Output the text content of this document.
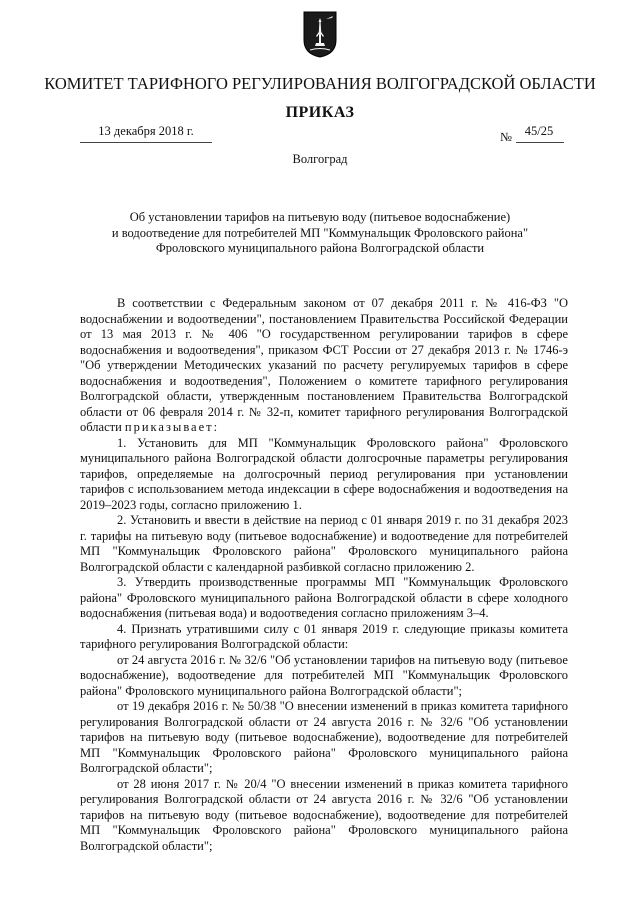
КОМИТЕТ ТАРИФНОГО РЕГУЛИРОВАНИЯ ВОЛГОГРАДСКОЙ ОБЛАСТИ
ПРИКАЗ
13 декабря 2018 г.	№	45/25
Волгоград
Об установлении тарифов на питьевую воду (питьевое водоснабжение)
и водоотведение для потребителей МП "Коммунальщик Фроловского района"
Фроловского муниципального района Волгоградской области

В соответствии с Федеральным законом от 07 декабря 2011 г. № 416-ФЗ "О водоснабжении и водоотведении", постановлением Правительства Российской Федерации от 13 мая 2013 г. № 406 "О государственном регулировании тарифов в сфере водоснабжения и водоотведения", приказом ФСТ России от 27 декабря 2013 г. № 1746-э "Об утверждении Методических указаний по расчету регулируемых тарифов в сфере водоснабжения и водоотведения", Положением о комитете тарифного регулирования Волгоградской области, утвержденным постановлением Правительства Волгоградской области от 06 февраля 2014 г. № 32-п, комитет тарифного регулирования Волгоградской области приказывает:

1. Установить для МП "Коммунальщик Фроловского района" Фроловского муниципального района Волгоградской области долгосрочные параметры регулирования тарифов, определяемые на долгосрочный период регулирования при установлении тарифов с использованием метода индексации в сфере водоснабжения и водоотведения на 2019–2023 годы, согласно приложению 1.

2. Установить и ввести в действие на период с 01 января 2019 г. по 31 декабря 2023 г. тарифы на питьевую воду (питьевое водоснабжение) и водоотведение для потребителей МП "Коммунальщик Фроловского района" Фроловского муниципального района Волгоградской области с календарной разбивкой согласно приложению 2.

3. Утвердить производственные программы МП "Коммунальщик Фроловского района" Фроловского муниципального района Волгоградской области в сфере холодного водоснабжения (питьевая вода) и водоотведения согласно приложениям 3–4.

4. Признать утратившими силу с 01 января 2019 г. следующие приказы комитета тарифного регулирования Волгоградской области:

от 24 августа 2016 г. № 32/6 "Об установлении тарифов на питьевую воду (питьевое водоснабжение), водоотведение для потребителей МП "Коммунальщик Фроловского района" Фроловского муниципального района Волгоградской области";

от 19 декабря 2016 г. № 50/38 "О внесении изменений в приказ комитета тарифного регулирования Волгоградской области от 24 августа 2016 г. № 32/6 "Об установлении тарифов на питьевую воду (питьевое водоснабжение), водоотведение для потребителей МП "Коммунальщик Фроловского района" Фроловского муниципального района Волгоградской области";

от 28 июня 2017 г. № 20/4 "О внесении изменений в приказ комитета тарифного регулирования Волгоградской области от 24 августа 2016 г. № 32/6 "Об установлении тарифов на питьевую воду (питьевое водоснабжение), водоотведение для потребителей МП "Коммунальщик Фроловского района" Фроловского муниципального района Волгоградской области";
